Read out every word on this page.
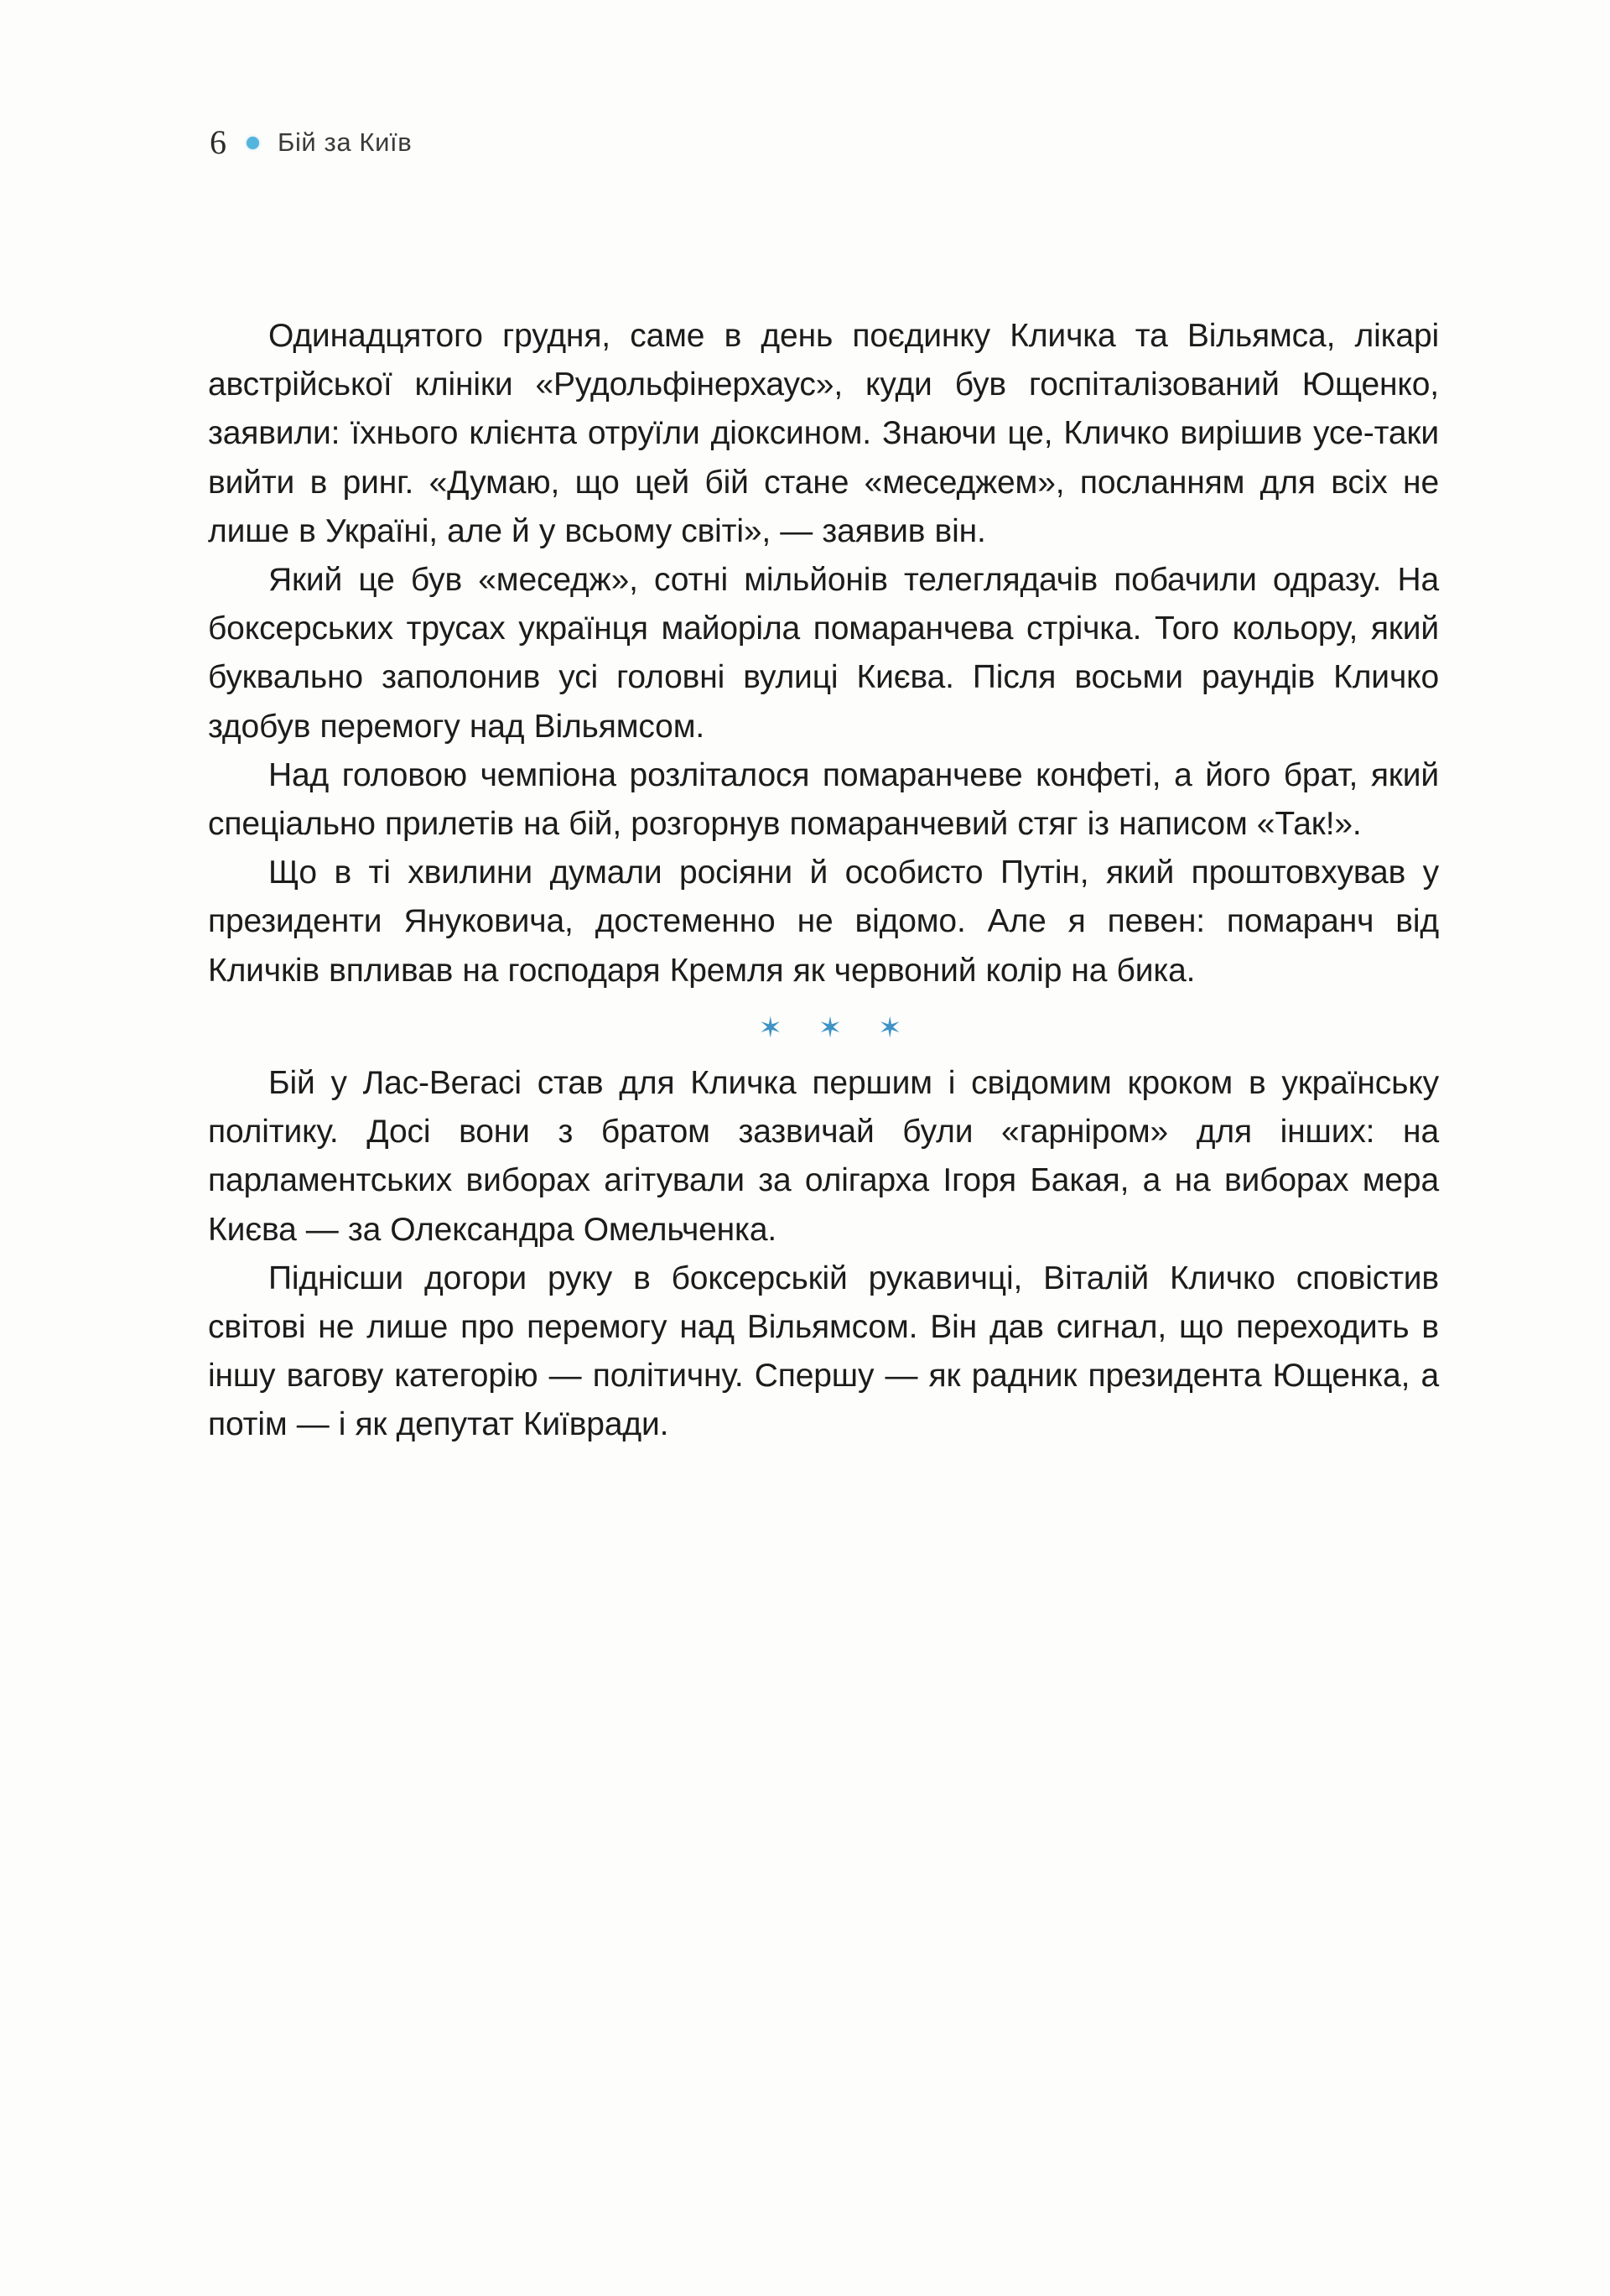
6 Бій за Київ

Одинадцятого грудня, саме в день поєдинку Кличка та Вільямса, лікарі австрійської клініки «Рудольфінерхаус», куди був госпіталізований Ющенко, заявили: їхнього клієнта отруїли діоксином. Знаючи це, Кличко вирішив усе-таки вийти в ринг. «Думаю, що цей бій стане «меседжем», посланням для всіх не лише в Україні, але й у всьому світі», — заявив він.

Який це був «меседж», сотні мільйонів телеглядачів побачили одразу. На боксерських трусах українця майоріла помаранчева стрічка. Того кольору, який буквально заполонив усі головні вулиці Києва. Після восьми раундів Кличко здобув перемогу над Вільямсом.

Над головою чемпіона розліталося помаранчеве конфеті, а його брат, який спеціально прилетів на бій, розгорнув помаранчевий стяг із написом «Так!».

Що в ті хвилини думали росіяни й особисто Путін, який проштовхував у президенти Януковича, достеменно не відомо. Але я певен: помаранч від Кличків впливав на господаря Кремля як червоний колір на бика.

✶ ✶ ✶

Бій у Лас-Вегасі став для Кличка першим і свідомим кроком в українську політику. Досі вони з братом зазвичай були «гарніром» для інших: на парламентських виборах агітували за олігарха Ігоря Бакая, а на виборах мера Києва — за Олександра Омельченка.

Піднісши догори руку в боксерській рукавичці, Віталій Кличко сповістив світові не лише про перемогу над Вільямсом. Він дав сигнал, що переходить в іншу вагову категорію — політичну. Спершу — як радник президента Ющенка, а потім — і як депутат Київради.
